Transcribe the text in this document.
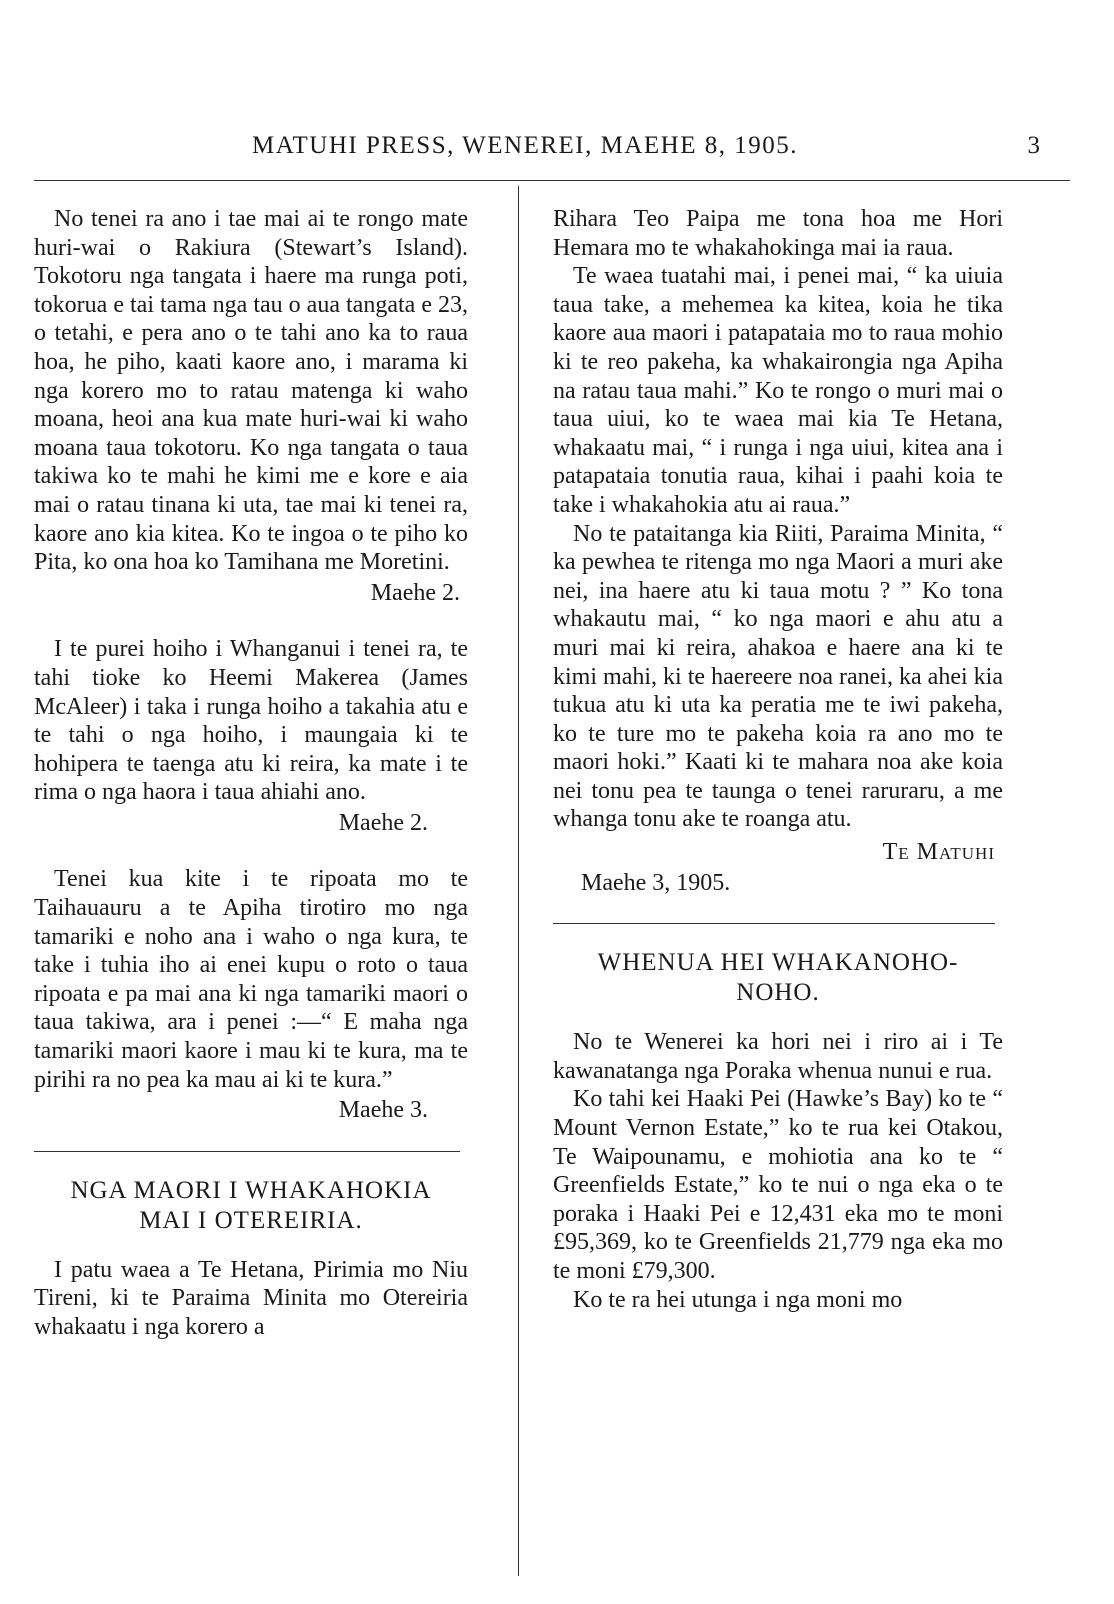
MATUHI PRESS, WENEREI, MAEHE 8, 1905.	3

No tenei ra ano i tae mai ai te rongo mate huri-wai o Rakiura (Stewart’s Island). Tokotoru nga tangata i haere ma runga poti, tokorua e tai tama nga tau o aua tangata e 23, o tetahi, e pera ano o te tahi ano ka to raua hoa, he piho, kaati kaore ano, i marama ki nga korero mo to ratau matenga ki waho moana, heoi ana kua mate huri-wai ki waho moana taua tokotoru. Ko nga tangata o taua takiwa ko te mahi he kimi me e kore e aia mai o ratau tinana ki uta, tae mai ki tenei ra, kaore ano kia kitea. Ko te ingoa o te piho ko Pita, ko ona hoa ko Tamihana me Moretini.

Maehe 2.

I te purei hoiho i Whanganui i tenei ra, te tahi tioke ko Heemi Makerea (James McAleer) i taka i runga hoiho a takahia atu e te tahi o nga hoiho, i maungaia ki te hohipera te taenga atu ki reira, ka mate i te rima o nga haora i taua ahiahi ano.

Maehe 2.

Tenei kua kite i te ripoata mo te Taihauauru a te Apiha tirotiro mo nga tamariki e noho ana i waho o nga kura, te take i tuhia iho ai enei kupu o roto o taua ripoata e pa mai ana ki nga tamariki maori o taua takiwa, ara i penei :—“ E maha nga tamariki maori kaore i mau ki te kura, ma te pirihi ra no pea ka mau ai ki te kura.”

Maehe 3.
NGA MAORI I WHAKAHOKIA
MAI I OTEREIRIA.

I patu waea a Te Hetana, Pirimia mo Niu Tireni, ki te Paraima Minita mo Otereiria whakaatu i nga korero a

Rihara Teo Paipa me tona hoa me Hori Hemara mo te whakahokinga mai ia raua.

Te waea tuatahi mai, i penei mai, “ ka uiuia taua take, a mehemea ka kitea, koia he tika kaore aua maori i patapataia mo to raua mohio ki te reo pakeha, ka whakairongia nga Apiha na ratau taua mahi.” Ko te rongo o muri mai o taua uiui, ko te waea mai kia Te Hetana, whakaatu mai, “ i runga i nga uiui, kitea ana i patapataia tonutia raua, kihai i paahi koia te take i whakahokia atu ai raua.”

No te pataitanga kia Riiti, Paraima Minita, “ ka pewhea te ritenga mo nga Maori a muri ake nei, ina haere atu ki taua motu ? ” Ko tona whakautu mai, “ ko nga maori e ahu atu a muri mai ki reira, ahakoa e haere ana ki te kimi mahi, ki te haereere noa ranei, ka ahei kia tukua atu ki uta ka peratia me te iwi pakeha, ko te ture mo te pakeha koia ra ano mo te maori hoki.” Kaati ki te mahara noa ake koia nei tonu pea te taunga o tenei raruraru, a me whanga tonu ake te roanga atu.

Te Matuhi
Maehe 3, 1905.
WHENUA HEI WHAKANOHO-
NOHO.

No te Wenerei ka hori nei i riro ai i Te kawanatanga nga Poraka whenua nunui e rua.

Ko tahi kei Haaki Pei (Hawke’s Bay) ko te “ Mount Vernon Estate,” ko te rua kei Otakou, Te Waipounamu, e mohiotia ana ko te “ Greenfields Estate,” ko te nui o nga eka o te poraka i Haaki Pei e 12,431 eka mo te moni £95,369, ko te Greenfields 21,779 nga eka mo te moni £79,300.

Ko te ra hei utunga i nga moni mo
